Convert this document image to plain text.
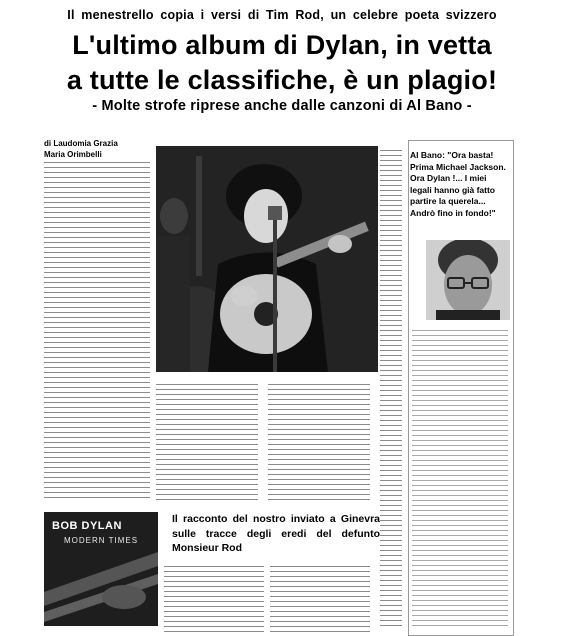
Il menestrello copia i versi di Tim Rod, un celebre poeta svizzero
L'ultimo album di Dylan, in vetta
a tutte le classifiche, è un plagio!
- Molte strofe riprese anche dalle canzoni di Al Bano -
di Laudomia Grazia
Maria Orimbelli	Al Bano: "Ora basta! Prima Michael Jackson. Ora Dylan !... I miei legali hanno già fatto partire la querela... Andrò fino in fondo!"
BOB DYLAN
MODERN TIMES
Il racconto del nostro inviato a Ginevra sulle tracce degli eredi del defunto Monsieur Rod
